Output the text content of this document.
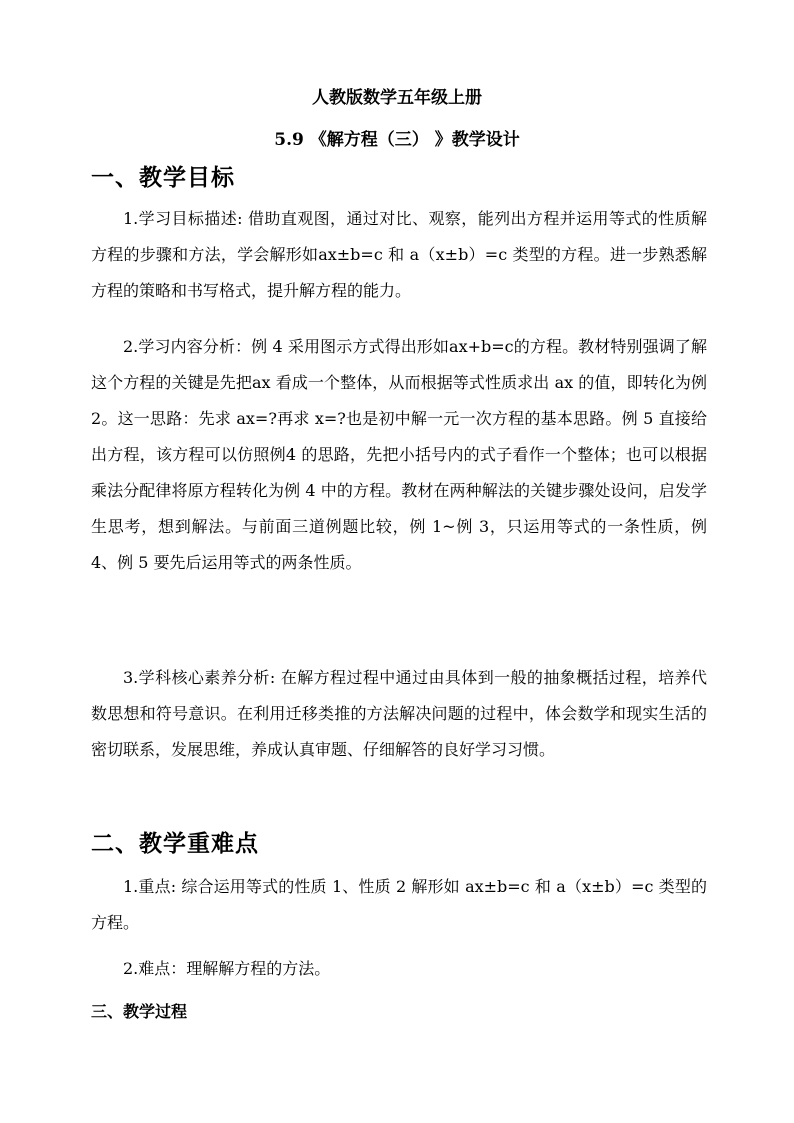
人教版数学五年级上册
5.9 《解方程（三） 》教学设计
一、教学目标

1.学习目标描述: 借助直观图，通过对比、观察，能列出方程并运用等式的性质解方程的步骤和方法，学会解形如ax±b=c 和 a（x±b）=c 类型的方程。进一步熟悉解方程的策略和书写格式，提升解方程的能力。

2.学习内容分析：例 4 采用图示方式得出形如ax+b=c的方程。教材特别强调了解这个方程的关键是先把ax 看成一个整体，从而根据等式性质求出 ax 的值，即转化为例 2。这一思路：先求 ax=?再求 x=?也是初中解一元一次方程的基本思路。例 5 直接给出方程，该方程可以仿照例4 的思路，先把小括号内的式子看作一个整体；也可以根据乘法分配律将原方程转化为例 4 中的方程。教材在两种解法的关键步骤处设问，启发学生思考，想到解法。与前面三道例题比较，例 1~例 3，只运用等式的一条性质，例 4、例 5 要先后运用等式的两条性质。

3.学科核心素养分析: 在解方程过程中通过由具体到一般的抽象概括过程，培养代数思想和符号意识。在利用迁移类推的方法解决问题的过程中，体会数学和现实生活的密切联系，发展思维，养成认真审题、仔细解答的良好学习习惯。

二、教学重难点

1.重点: 综合运用等式的性质 1、性质 2 解形如 ax±b=c 和 a（x±b）=c 类型的方程。

2.难点：理解解方程的方法。

三、教学过程
